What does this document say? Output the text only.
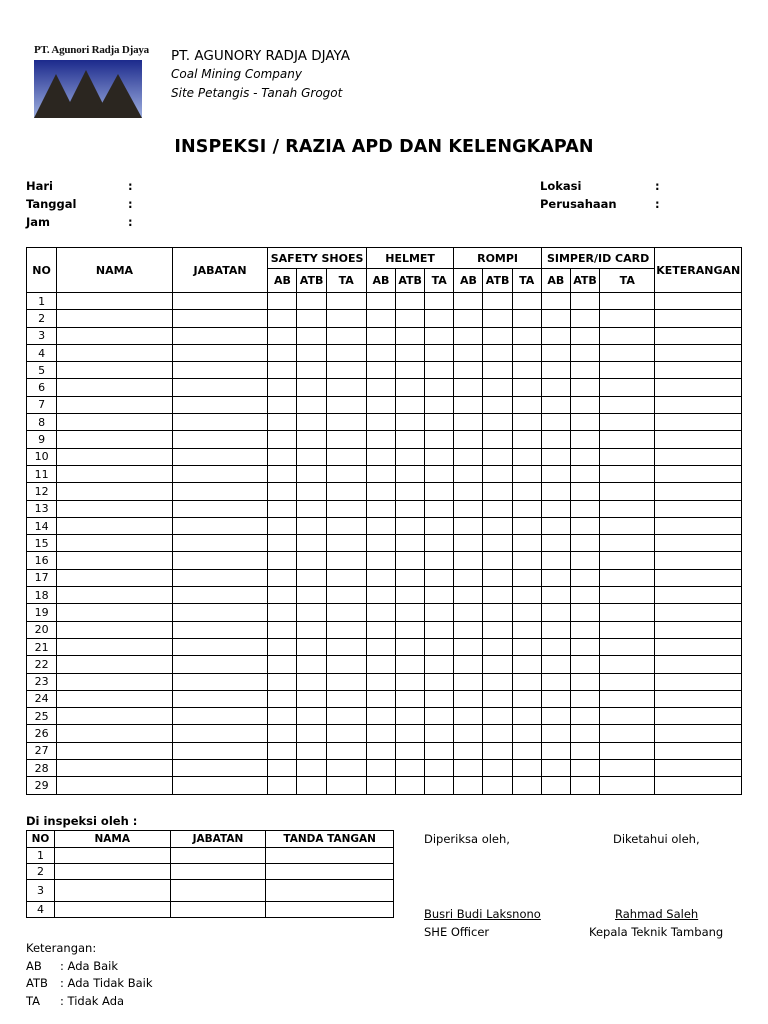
PT. Agunori Radja Djaya PT. AGUNORY RADJA DJAYA
Coal Mining Company
Site Petangis - Tanah Grogot
INSPEKSI / RAZIA APD DAN KELENGKAPAN
Hari	:
Tanggal	:
Jam	:
Lokasi	:
Perusahaan	:
NO	NAMA	JABATAN	SAFETY SHOES			HELMET			ROMPI			SIMPER/ID CARD			KETERANGAN
			AB	ATB	TA	AB	ATB	TA	AB	ATB	TA	AB	ATB	TA	
1															
2															
3															
4															
5															
6															
7															
8															
9															
10															
11															
12															
13															
14															
15															
16															
17															
18															
19															
20															
21															
22															
23															
24															
25															
26															
27															
28															
29															
Di inspeksi oleh :
NO	NAMA	JABATAN	TANDA TANGAN
1			
2			
3			
4			
Diperiksa oleh,	Diketahui oleh,
Busri Budi Laksnono	Rahmad Saleh
SHE Officer	Kepala Teknik Tambang
Keterangan:
AB	: Ada Baik
ATB	: Ada Tidak Baik
TA	: Tidak Ada
